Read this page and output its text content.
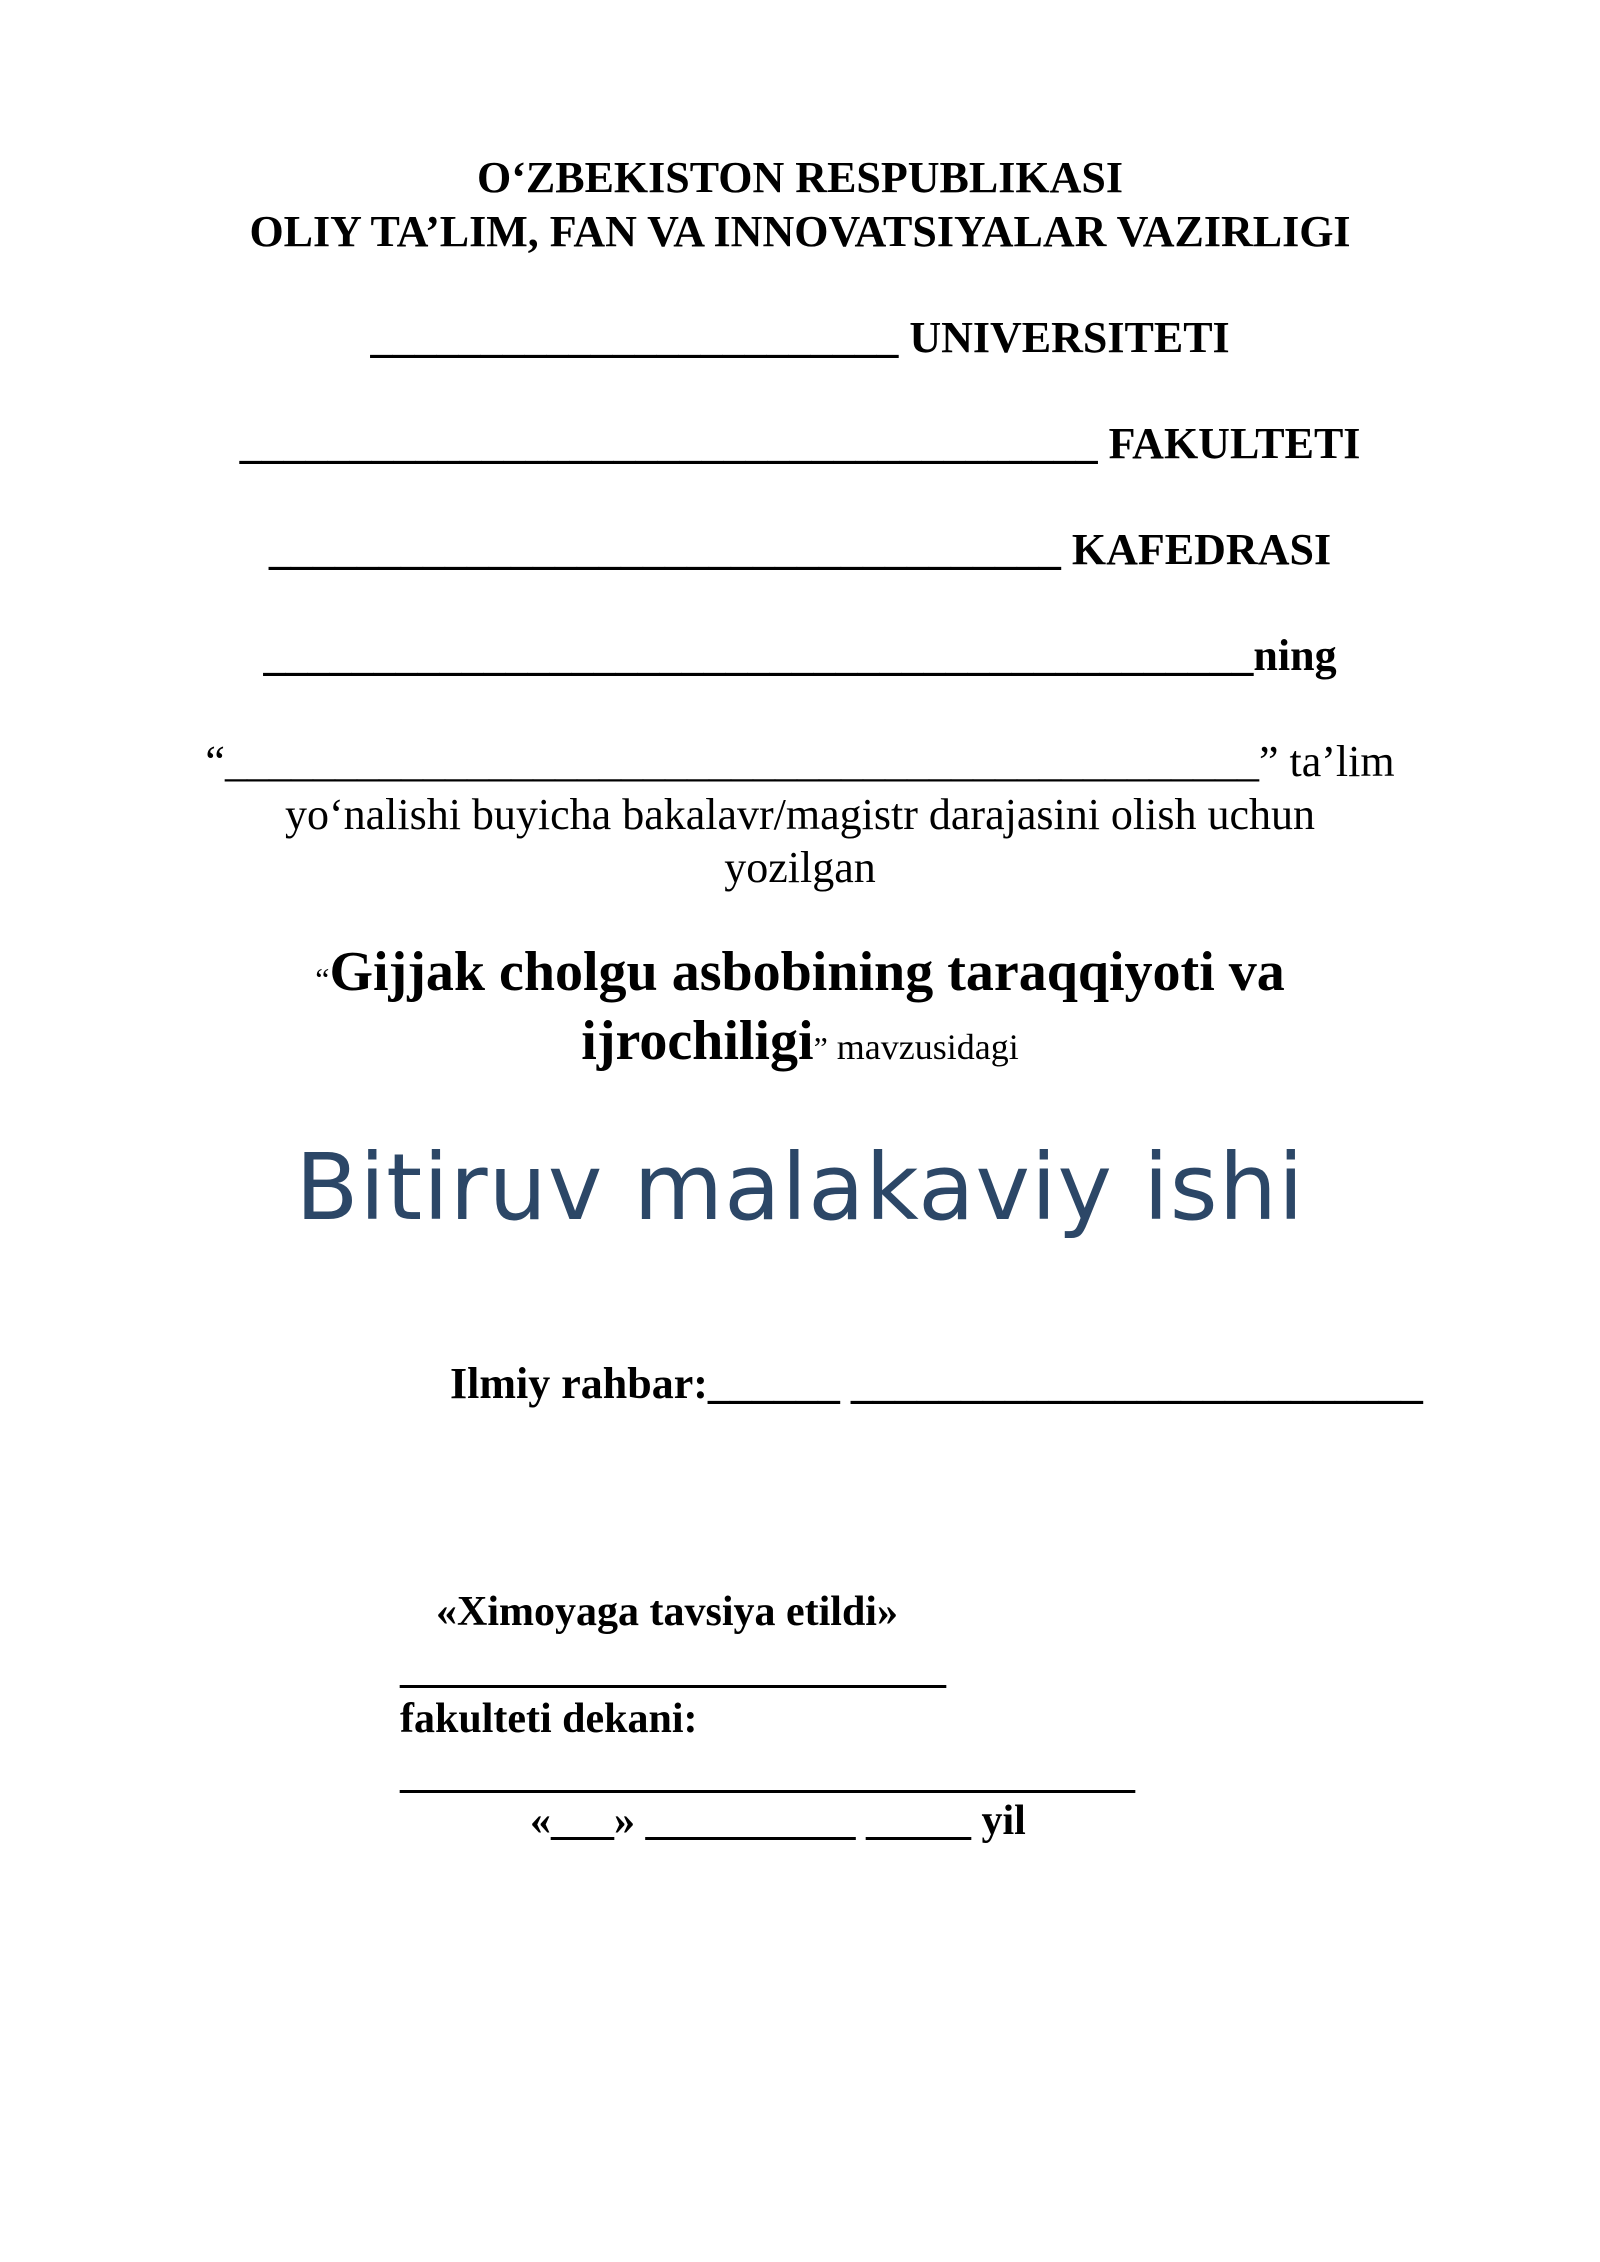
O‘ZBEKISTON RESPUBLIKASI
OLIY TA’LIM, FAN VA INNOVATSIYALAR VAZIRLIGI
________________________ UNIVERSITETI
_______________________________________ FAKULTETI
____________________________________ KAFEDRASI
_____________________________________________ning
“_______________________________________________” ta’lim
yo‘nalishi buyicha bakalavr/magistr darajasini olish uchun
yozilgan
“Gijjak cholgu asbobining taraqqiyoti va
ijrochiligi” mavzusidagi
Bitiruv malakaviy ishi
Ilmiy rahbar:______ __________________________
«Ximoyaga tavsiya etildi»
__________________________
fakulteti dekani:
___________________________________
«___» __________ _____ yil
